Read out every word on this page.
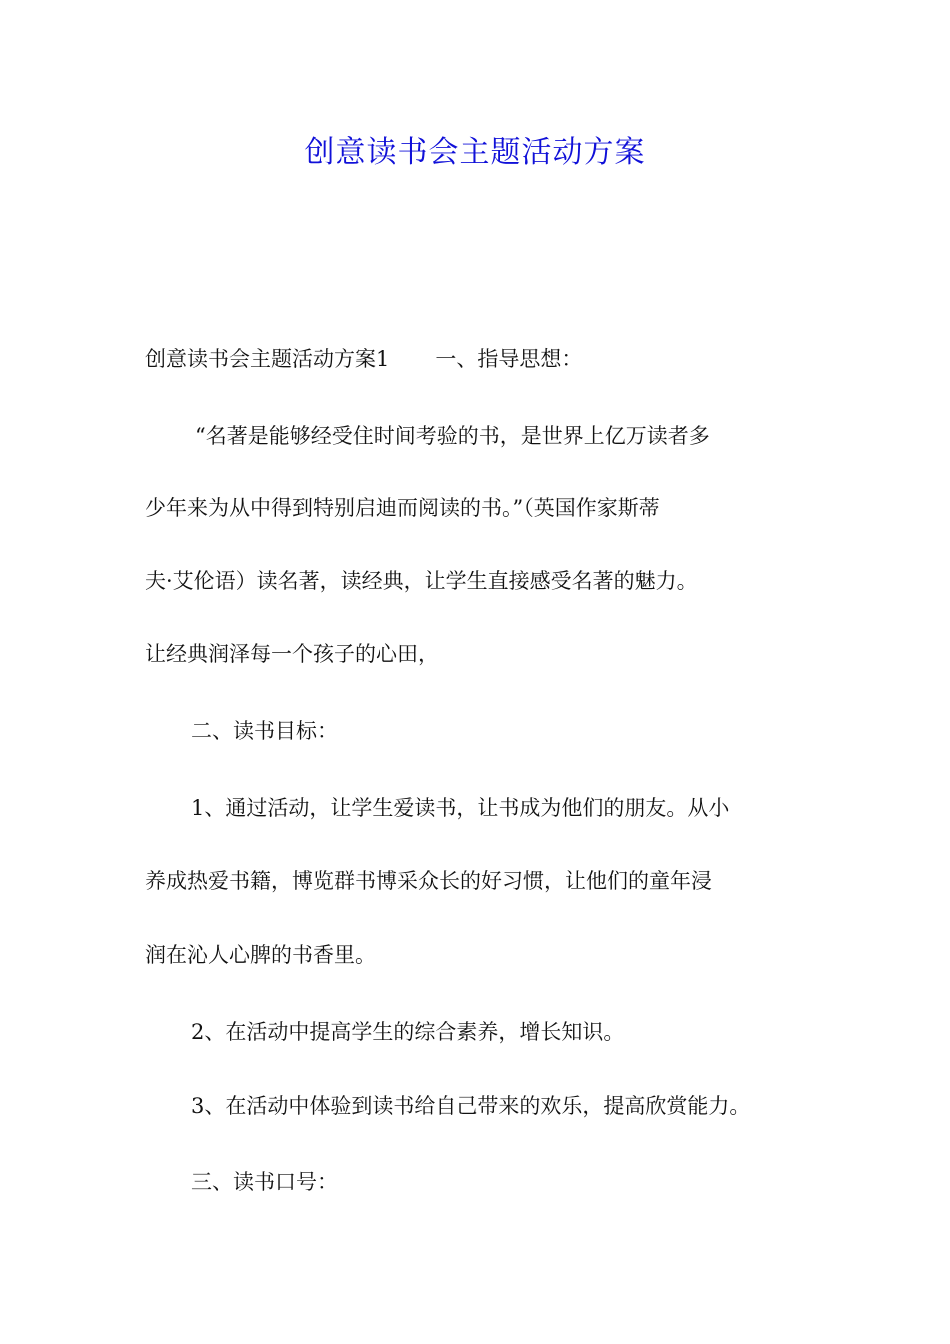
创意读书会主题活动方案

创意读书会主题活动方案1 一、指导思想：

“名著是能够经受住时间考验的书，是世界上亿万读者多

少年来为从中得到特别启迪而阅读的书。”（英国作家斯蒂

夫·艾伦语）读名著，读经典，让学生直接感受名著的魅力。

让经典润泽每一个孩子的心田，

二、读书目标：

1、通过活动，让学生爱读书，让书成为他们的朋友。从小

养成热爱书籍，博览群书博采众长的好习惯，让他们的童年浸

润在沁人心脾的书香里。

2、在活动中提高学生的综合素养，增长知识。

3、在活动中体验到读书给自己带来的欢乐，提高欣赏能力。

三、读书口号：
